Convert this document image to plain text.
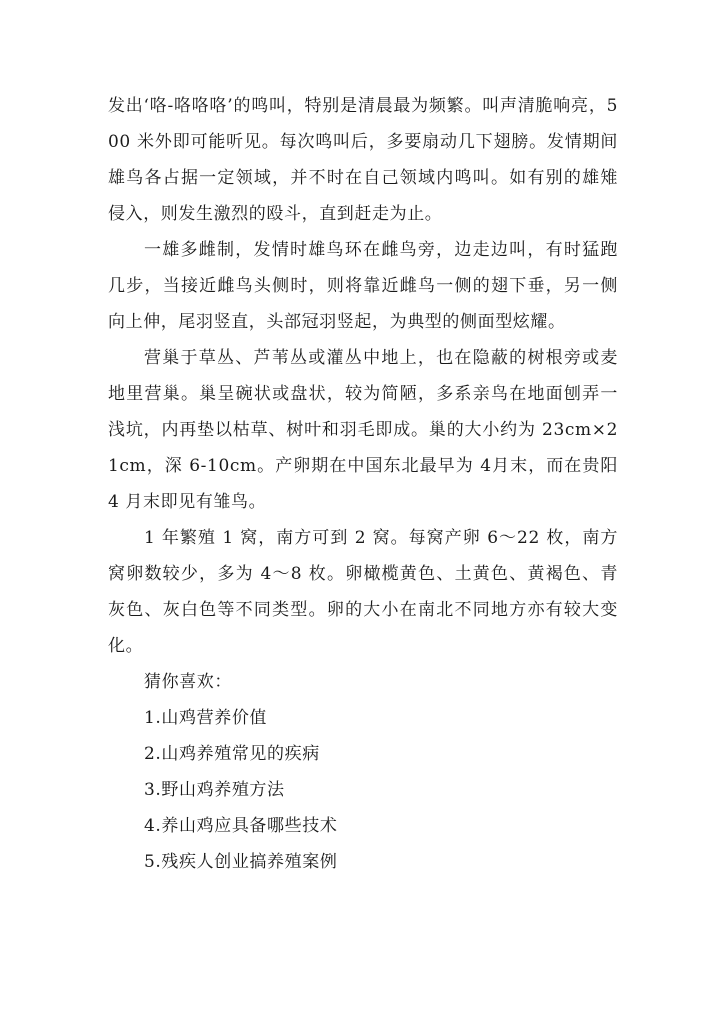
发出‘咯-咯咯咯’的鸣叫，特别是清晨最为频繁。叫声清脆响亮，500 米外即可能听见。每次鸣叫后，多要扇动几下翅膀。发情期间雄鸟各占据一定领域，并不时在自己领域内鸣叫。如有别的雄雉侵入，则发生激烈的殴斗，直到赶走为止。

一雄多雌制，发情时雄鸟环在雌鸟旁，边走边叫，有时猛跑几步，当接近雌鸟头侧时，则将靠近雌鸟一侧的翅下垂，另一侧向上伸，尾羽竖直，头部冠羽竖起，为典型的侧面型炫耀。

营巢于草丛、芦苇丛或灌丛中地上，也在隐蔽的树根旁或麦地里营巢。巢呈碗状或盘状，较为简陋，多系亲鸟在地面刨弄一浅坑，内再垫以枯草、树叶和羽毛即成。巢的大小约为 23cm×21cm，深 6-10cm。产卵期在中国东北最早为 4月末，而在贵阳 4 月末即见有雏鸟。

1 年繁殖 1 窝，南方可到 2 窝。每窝产卵 6～22 枚，南方窝卵数较少，多为 4～8 枚。卵橄榄黄色、土黄色、黄褐色、青灰色、灰白色等不同类型。卵的大小在南北不同地方亦有较大变化。

猜你喜欢：

1.山鸡营养价值
2.山鸡养殖常见的疾病
3.野山鸡养殖方法
4.养山鸡应具备哪些技术
5.残疾人创业搞养殖案例
